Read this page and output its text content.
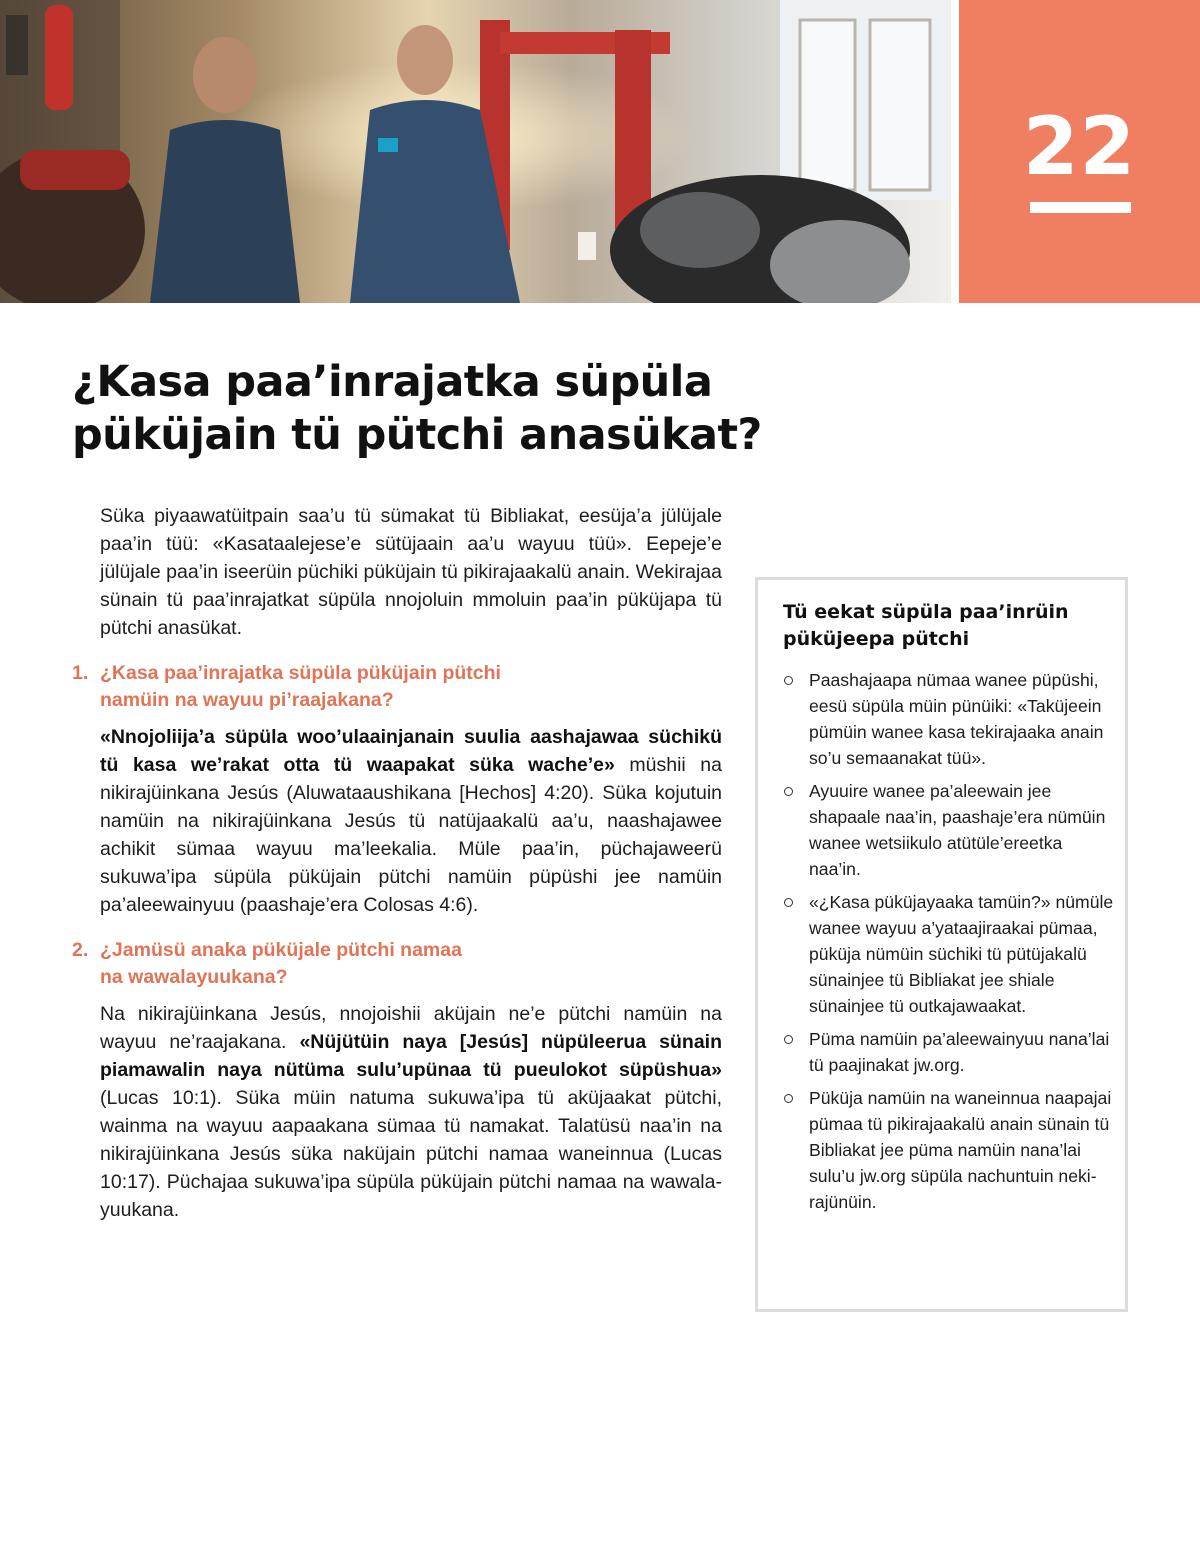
22
¿Kasa paa’inrajatka süpüla
püküjain tü pütchi anasükat?

Süka piyaawatüitpain saa’u tü sümakat tü Bibliakat, eesüja’a jülüjale paa’in tüü: «Kasataalejese’e sütüjaain aa’u wayuu tüü». Eepeje’e jülüjale paa’in iseerüin püchiki püküjain tü pikirajaakalü anain. Wekirajaa sünain tü paa’inrajatkat süpüla nnojoluin mmoluin paa’in püküjapa tü pütchi anasükat.

1. ¿Kasa paa’inrajatka süpüla püküjain pütchi
namüin na wayuu pi’raajakana?

«Nnojoliija’a süpüla woo’ulaainjanain suulia aashajawaa süchikü tü kasa we’rakat otta tü waapakat süka wache’e» müshii na nikirajüinkana Jesús (Aluwataaushikana [Hechos] 4:20). Süka kojutuin namüin na nikirajüinkana Jesús tü natüjaakalü aa’u, naashajawee achikit sümaa wayuu ma’leekalia. Müle paa’in, püchajaweerü sukuwa’ipa süpüla püküjain pütchi namüin püpüshi jee namüin pa’aleewainyuu (paashaje’era Colosas 4:6).

2. ¿Jamüsü anaka püküjale pütchi namaa
na wawalayuukana?

Na nikirajüinkana Jesús, nnojoishii aküjain ne’e pütchi namüin na wayuu ne’raajakana. «Nüjütüin naya [Jesús] nüpüleerua sünain piamawalin naya nütüma sulu’upünaa tü pueulokot süpüshua» (Lucas 10:1). Süka müin natuma sukuwa’ipa tü aküjaakat pütchi, wainma na wayuu aapaakana sümaa tü namakat. Talatüsü naa’in na nikirajüinkana Jesús süka naküjain pütchi namaa waneinnua (Lucas 10:17). Püchajaa sukuwa’ipa süpüla püküjain pütchi namaa na wawalayuukana.

Tü eekat süpüla paa’inrüin
püküjeepa pütchi
Paashajaapa nümaa wanee püpüshi, eesü süpüla müin pünüiki: «Taküjeein pümüin wanee kasa tekirajaaka anain so’u semaanakat tüü».
Ayuuire wanee pa’aleewain jee shapaale naa’in, paashaje’era nümüin wanee wetsiikulo atütüle’ereetka naa’in.
«¿Kasa püküjayaaka tamüin?» nümüle wanee wayuu a’yataajiraakai pümaa, püküja nümüin süchiki tü pütüjakalü sünainjee tü Bibliakat jee shiale sünainjee tü outkajawaakat.
Püma namüin pa’aleewainyuu nana’lai tü paajinakat jw.org.
Püküja namüin na waneinnua naapajai pümaa tü pikirajaakalü anain sünain tü Bibliakat jee püma namüin nana’lai sulu’u jw.org süpüla nachuntuin nekirajünüin.
